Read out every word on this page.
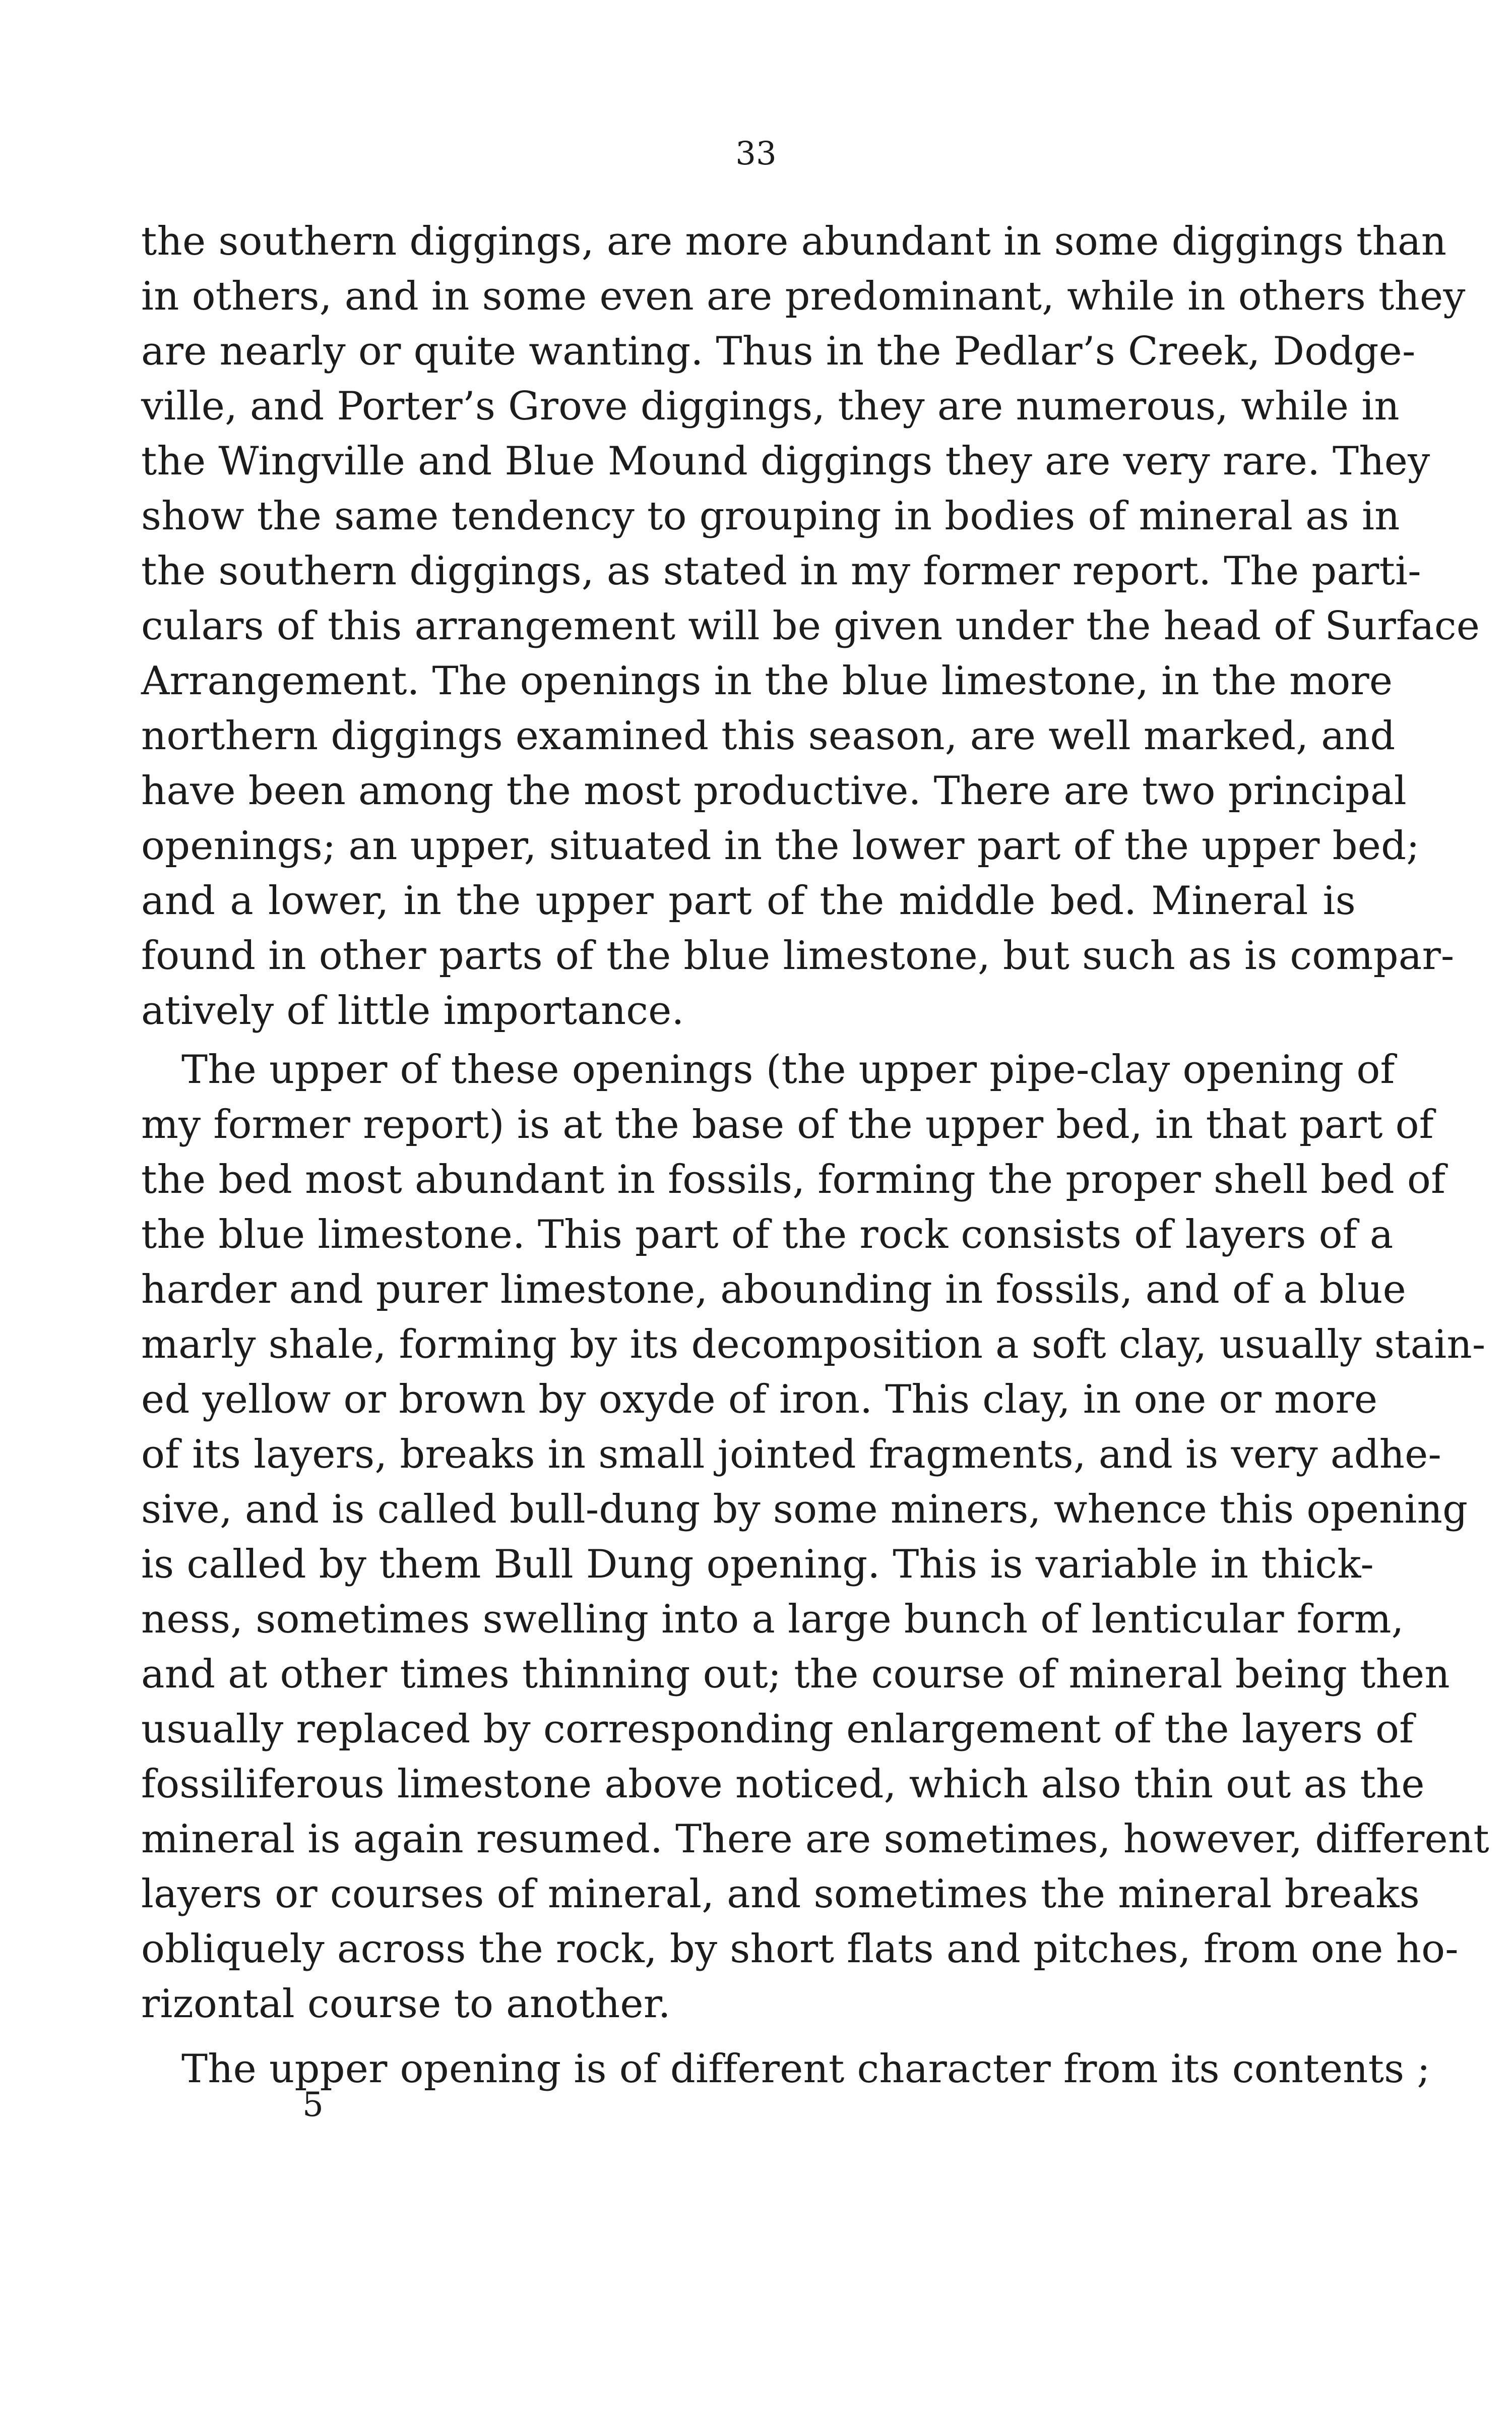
33
the southern diggings, are more abundant in some diggings than
in others, and in some even are predominant, while in others they
are nearly or quite wanting. Thus in the Pedlar’s Creek, Dodge-
ville, and Porter’s Grove diggings, they are numerous, while in
the Wingville and Blue Mound diggings they are very rare. They
show the same tendency to grouping in bodies of mineral as in
the southern diggings, as stated in my former report. The parti-
culars of this arrangement will be given under the head of Surface
Arrangement. The openings in the blue limestone, in the more
northern diggings examined this season, are well marked, and
have been among the most productive. There are two principal
openings; an upper, situated in the lower part of the upper bed;
and a lower, in the upper part of the middle bed. Mineral is
found in other parts of the blue limestone, but such as is compar-
atively of little importance.
The upper of these openings (the upper pipe-clay opening of
my former report) is at the base of the upper bed, in that part of
the bed most abundant in fossils, forming the proper shell bed of
the blue limestone. This part of the rock consists of layers of a
harder and purer limestone, abounding in fossils, and of a blue
marly shale, forming by its decomposition a soft clay, usually stain-
ed yellow or brown by oxyde of iron. This clay, in one or more
of its layers, breaks in small jointed fragments, and is very adhe-
sive, and is called bull-dung by some miners, whence this opening
is called by them Bull Dung opening. This is variable in thick-
ness, sometimes swelling into a large bunch of lenticular form,
and at other times thinning out; the course of mineral being then
usually replaced by corresponding enlargement of the layers of
fossiliferous limestone above noticed, which also thin out as the
mineral is again resumed. There are sometimes, however, different
layers or courses of mineral, and sometimes the mineral breaks
obliquely across the rock, by short flats and pitches, from one ho-
rizontal course to another.
The upper opening is of different character from its contents ;
5
